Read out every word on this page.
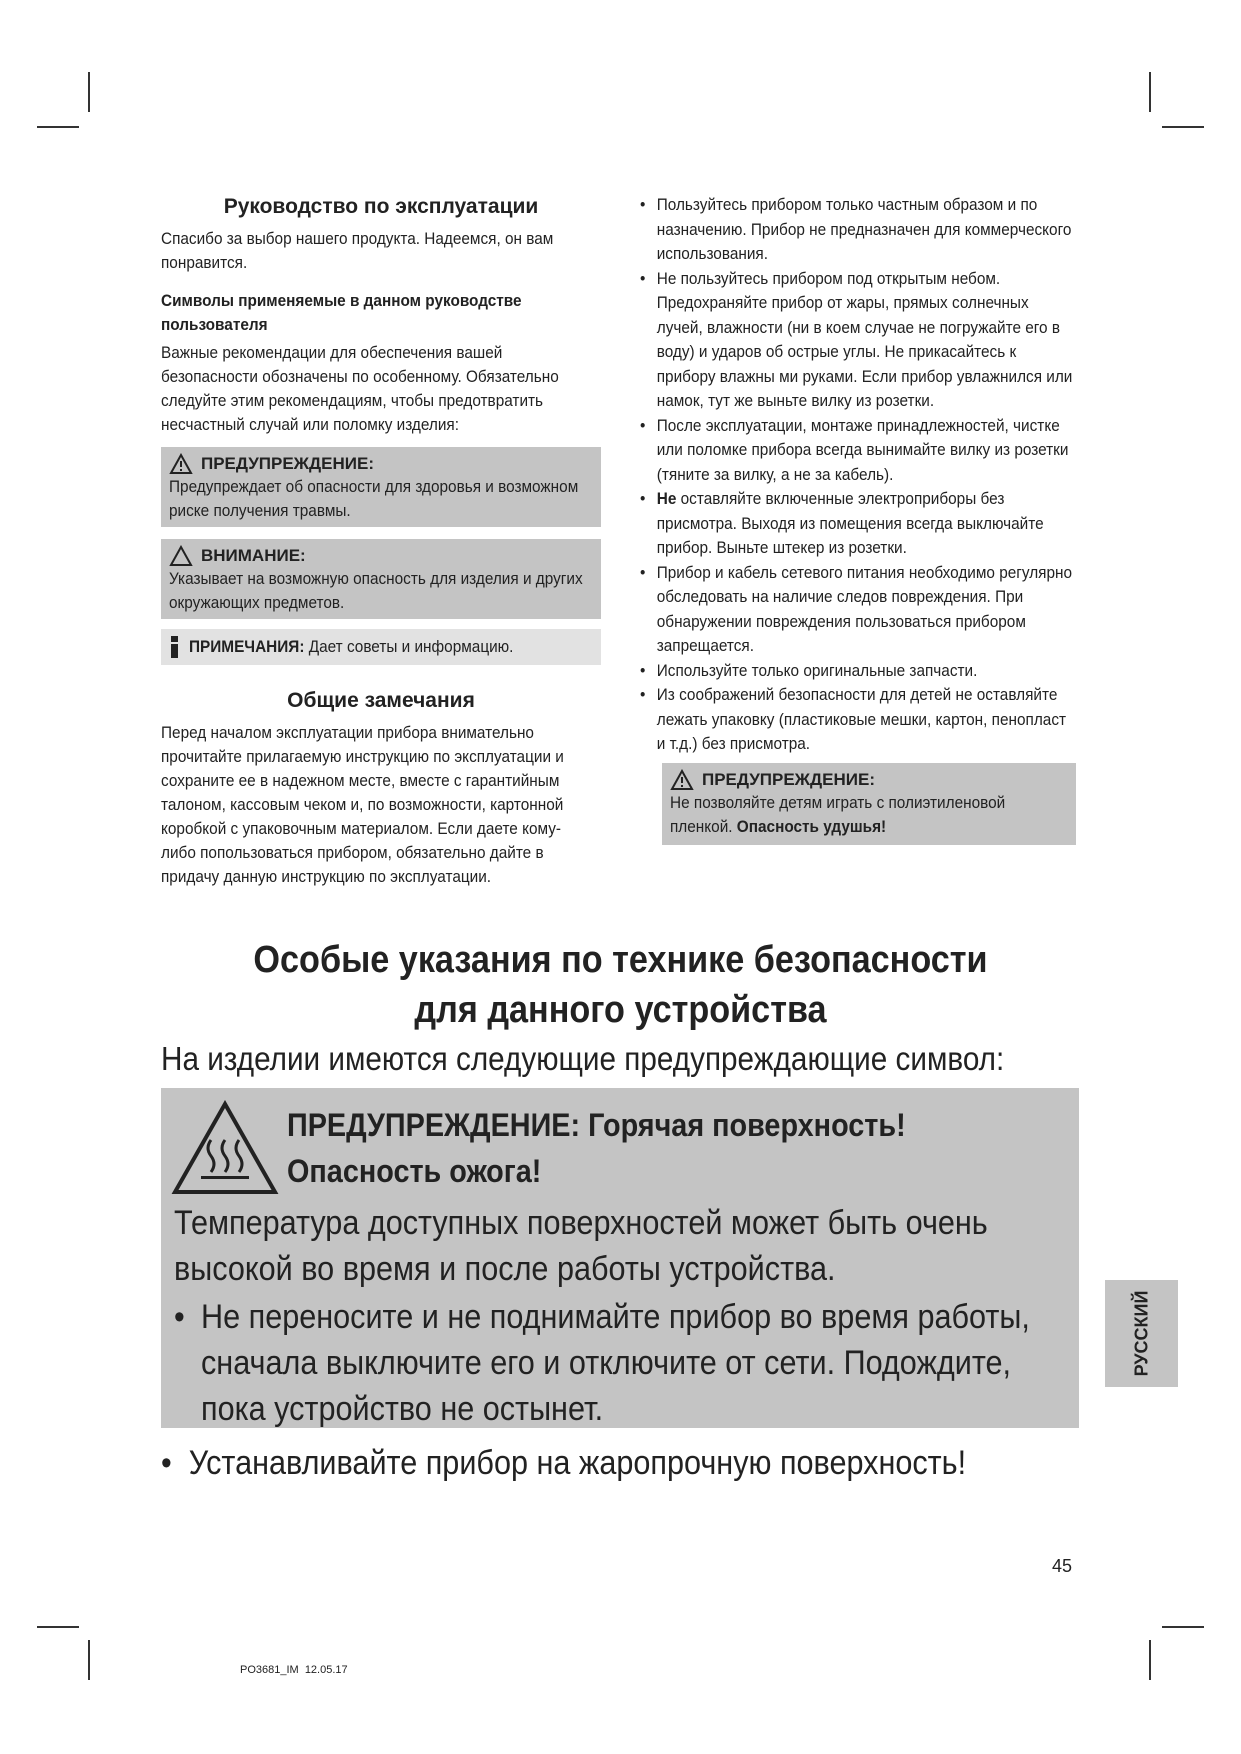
Руководство по эксплуатации

Спасибо за выбор нашего продукта. Надеемся, он вам понравится.

Символы применяемые в данном руководстве пользователя

Важные рекомендации для обеспечения вашей безопасности обозначены по особенному. Обязательно следуйте этим рекомендациям, чтобы предотвратить несчастный случай или поломку изделия:

ПРЕДУПРЕЖДЕНИЕ:

Предупреждает об опасности для здоровья и возможном риске получения травмы.

ВНИМАНИЕ:

Указывает на возможную опасность для изделия и других окружающих предметов.

ПРИМЕЧАНИЯ: Дает советы и информацию.
Общие замечания

Перед началом эксплуатации прибора внимательно прочитайте прилагаемую инструкцию по эксплуатации и сохраните ее в надежном месте, вместе с гарантийным талоном, кассовым чеком и, по возможности, картонной коробкой с упаковочным материалом. Если даете кому-либо попользоваться прибором, обязательно дайте в придачу данную инструкцию по эксплуатации.

• Пользуйтесь прибором только частным образом и по назначению. Прибор не предназначен для коммерческого использования.
• Не пользуйтесь прибором под открытым небом. Предохраняйте прибор от жары, прямых солнечных лучей, влажности (ни в коем случае не погружайте его в воду) и ударов об острые углы. Не прикасайтесь к прибору влажны ми руками. Если прибор увлажнился или намок, тут же выньте вилку из розетки.
• После эксплуатации, монтаже принадлежностей, чистке или поломке прибора всегда вынимайте вилку из розетки (тяните за вилку, а не за кабель).
• Не оставляйте включенные электроприборы без присмотра. Выходя из помещения всегда выключайте прибор. Выньте штекер из розетки.
• Прибор и кабель сетевого питания необходимо регулярно обследовать на наличие следов повреждения. При обнаружении повреждения пользоваться прибором запрещается.
• Используйте только оригинальные запчасти.
• Из соображений безопасности для детей не оставляйте лежать упаковку (пластиковые мешки, картон, пенопласт и т.д.) без присмотра.
ПРЕДУПРЕЖДЕНИЕ:

Не позволяйте детям играть с полиэтиленовой пленкой. Опасность удушья!

Особые указания по технике безопасности
для данного устройства
На изделии имеются следующие предупреждающие символ:
ПРЕДУПРЕЖДЕНИЕ: Горячая поверхность!
Опасность ожога!
Температура доступных поверхностей может быть очень высокой во время и после работы устройства.
• Не переносите и не поднимайте прибор во время работы, сначала выключите его и отключите от сети. Подождите, пока устройство не остынет.
•  Устанавливайте прибор на жаропрочную поверхность!
РУССКИЙ
45
PO3681_IM  12.05.17
